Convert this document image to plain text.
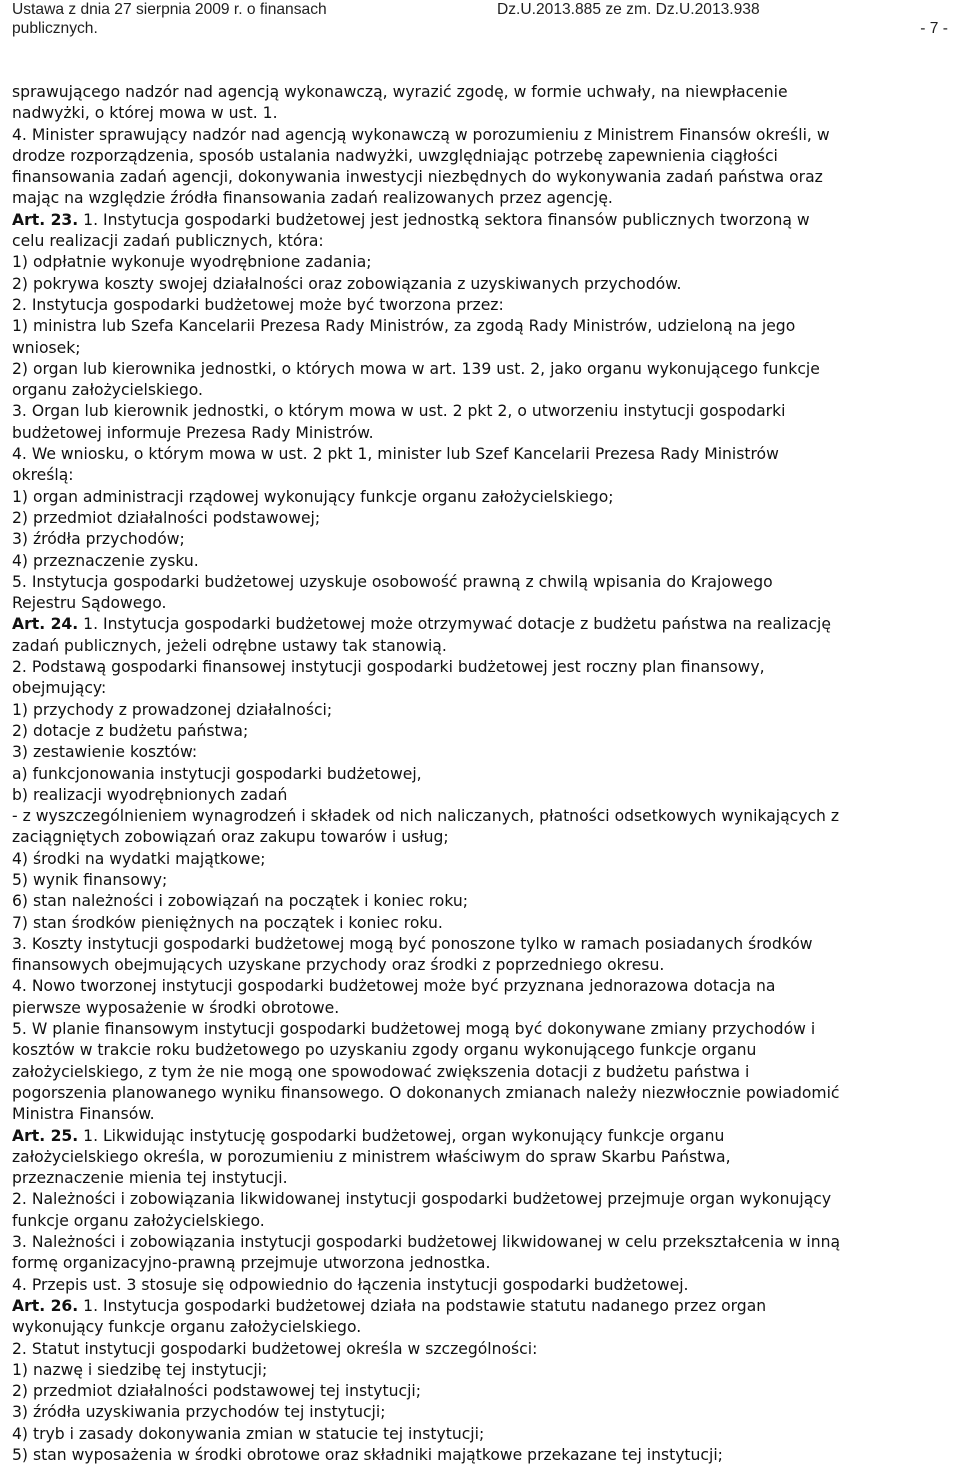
Ustawa z dnia 27 sierpnia 2009 r. o finansach
publicznych.
Dz.U.2013.885 ze zm. Dz.U.2013.938
- 7 -
sprawującego nadzór nad agencją wykonawczą, wyrazić zgodę, w formie uchwały, na niewpłacenie
nadwyżki, o której mowa w ust. 1.
4. Minister sprawujący nadzór nad agencją wykonawczą w porozumieniu z Ministrem Finansów określi, w
drodze rozporządzenia, sposób ustalania nadwyżki, uwzględniając potrzebę zapewnienia ciągłości
finansowania zadań agencji, dokonywania inwestycji niezbędnych do wykonywania zadań państwa oraz
mając na względzie źródła finansowania zadań realizowanych przez agencję.
Art. 23. 1. Instytucja gospodarki budżetowej jest jednostką sektora finansów publicznych tworzoną w
celu realizacji zadań publicznych, która:
1) odpłatnie wykonuje wyodrębnione zadania;
2) pokrywa koszty swojej działalności oraz zobowiązania z uzyskiwanych przychodów.
2. Instytucja gospodarki budżetowej może być tworzona przez:
1) ministra lub Szefa Kancelarii Prezesa Rady Ministrów, za zgodą Rady Ministrów, udzieloną na jego
wniosek;
2) organ lub kierownika jednostki, o których mowa w art. 139 ust. 2, jako organu wykonującego funkcje
organu założycielskiego.
3. Organ lub kierownik jednostki, o którym mowa w ust. 2 pkt 2, o utworzeniu instytucji gospodarki
budżetowej informuje Prezesa Rady Ministrów.
4. We wniosku, o którym mowa w ust. 2 pkt 1, minister lub Szef Kancelarii Prezesa Rady Ministrów
określą:
1) organ administracji rządowej wykonujący funkcje organu założycielskiego;
2) przedmiot działalności podstawowej;
3) źródła przychodów;
4) przeznaczenie zysku.
5. Instytucja gospodarki budżetowej uzyskuje osobowość prawną z chwilą wpisania do Krajowego
Rejestru Sądowego.
Art. 24. 1. Instytucja gospodarki budżetowej może otrzymywać dotacje z budżetu państwa na realizację
zadań publicznych, jeżeli odrębne ustawy tak stanowią.
2. Podstawą gospodarki finansowej instytucji gospodarki budżetowej jest roczny plan finansowy,
obejmujący:
1) przychody z prowadzonej działalności;
2) dotacje z budżetu państwa;
3) zestawienie kosztów:
a) funkcjonowania instytucji gospodarki budżetowej,
b) realizacji wyodrębnionych zadań
- z wyszczególnieniem wynagrodzeń i składek od nich naliczanych, płatności odsetkowych wynikających z
zaciągniętych zobowiązań oraz zakupu towarów i usług;
4) środki na wydatki majątkowe;
5) wynik finansowy;
6) stan należności i zobowiązań na początek i koniec roku;
7) stan środków pieniężnych na początek i koniec roku.
3. Koszty instytucji gospodarki budżetowej mogą być ponoszone tylko w ramach posiadanych środków
finansowych obejmujących uzyskane przychody oraz środki z poprzedniego okresu.
4. Nowo tworzonej instytucji gospodarki budżetowej może być przyznana jednorazowa dotacja na
pierwsze wyposażenie w środki obrotowe.
5. W planie finansowym instytucji gospodarki budżetowej mogą być dokonywane zmiany przychodów i
kosztów w trakcie roku budżetowego po uzyskaniu zgody organu wykonującego funkcje organu
założycielskiego, z tym że nie mogą one spowodować zwiększenia dotacji z budżetu państwa i
pogorszenia planowanego wyniku finansowego. O dokonanych zmianach należy niezwłocznie powiadomić
Ministra Finansów.
Art. 25. 1. Likwidując instytucję gospodarki budżetowej, organ wykonujący funkcje organu
założycielskiego określa, w porozumieniu z ministrem właściwym do spraw Skarbu Państwa,
przeznaczenie mienia tej instytucji.
2. Należności i zobowiązania likwidowanej instytucji gospodarki budżetowej przejmuje organ wykonujący
funkcje organu założycielskiego.
3. Należności i zobowiązania instytucji gospodarki budżetowej likwidowanej w celu przekształcenia w inną
formę organizacyjno-prawną przejmuje utworzona jednostka.
4. Przepis ust. 3 stosuje się odpowiednio do łączenia instytucji gospodarki budżetowej.
Art. 26. 1. Instytucja gospodarki budżetowej działa na podstawie statutu nadanego przez organ
wykonujący funkcje organu założycielskiego.
2. Statut instytucji gospodarki budżetowej określa w szczególności:
1) nazwę i siedzibę tej instytucji;
2) przedmiot działalności podstawowej tej instytucji;
3) źródła uzyskiwania przychodów tej instytucji;
4) tryb i zasady dokonywania zmian w statucie tej instytucji;
5) stan wyposażenia w środki obrotowe oraz składniki majątkowe przekazane tej instytucji;
